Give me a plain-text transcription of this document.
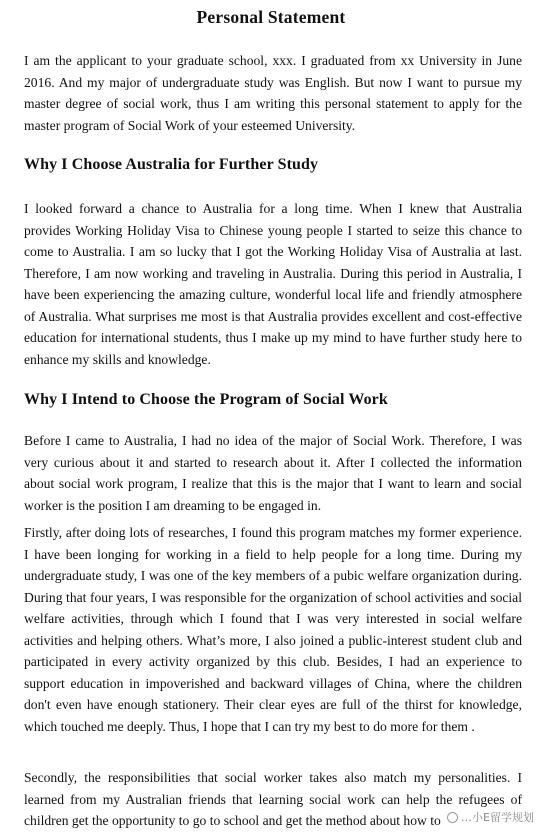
Personal Statement
I am the applicant to your graduate school, xxx. I graduated from xx University in June 2016. And my major of undergraduate study was English. But now I want to pursue my master degree of social work, thus I am writing this personal statement to apply for the master program of Social Work of your esteemed University.
Why I Choose Australia for Further Study
I looked forward a chance to Australia for a long time. When I knew that Australia provides Working Holiday Visa to Chinese young people I started to seize this chance to come to Australia. I am so lucky that I got the Working Holiday Visa of Australia at last. Therefore, I am now working and traveling in Australia. During this period in Australia, I have been experiencing the amazing culture, wonderful local life and friendly atmosphere of Australia. What surprises me most is that Australia provides excellent and cost-effective education for international students, thus I make up my mind to have further study here to enhance my skills and knowledge.
Why I Intend to Choose the Program of Social Work
Before I came to Australia, I had no idea of the major of Social Work. Therefore, I was very curious about it and started to research about it. After I collected the information about social work program, I realize that this is the major that I want to learn and social worker is the position I am dreaming to be engaged in.
Firstly, after doing lots of researches, I found this program matches my former experience. I have been longing for working in a field to help people for a long time. During my undergraduate study, I was one of the key members of a pubic welfare organization during. During that four years, I was responsible for the organization of school activities and social welfare activities, through which I found that I was very interested in social welfare activities and helping others. What’s more, I also joined a public-interest student club and participated in every activity organized by this club. Besides, I had an experience to support education in impoverished and backward villages of China, where the children don't even have enough stationery. Their clear eyes are full of the thirst for knowledge, which touched me deeply. Thus, I hope that I can try my best to do more for them .
Secondly, the responsibilities that social worker takes also match my personalities. I learned from my Australian friends that learning social work can help the refugees of children get the opportunity to go to school and get the method about how to	…小E留学规划
